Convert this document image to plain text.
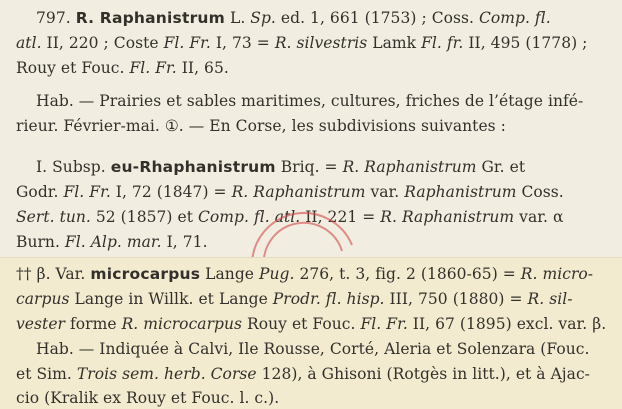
797. R. Raphanistrum L. Sp. ed. 1, 661 (1753) ; Coss. Comp. fl.
atl. II, 220 ; Coste Fl. Fr. I, 73 = R. silvestris Lamk Fl. fr. II, 495 (1778) ;
Rouy et Fouc. Fl. Fr. II, 65.
Hab. — Prairies et sables maritimes, cultures, friches de l’étage infé-
rieur. Février-mai. ①. — En Corse, les subdivisions suivantes :
I. Subsp. eu-Rhaphanistrum Briq. = R. Raphanistrum Gr. et
Godr. Fl. Fr. I, 72 (1847) = R. Raphanistrum var. Raphanistrum Coss.
Sert. tun. 52 (1857) et Comp. fl. atl. II, 221 = R. Raphanistrum var. α
Burn. Fl. Alp. mar. I, 71.
†† β. Var. microcarpus Lange Pug. 276, t. 3, fig. 2 (1860-65) = R. micro-
carpus Lange in Willk. et Lange Prodr. fl. hisp. III, 750 (1880) = R. sil-
vester forme R. microcarpus Rouy et Fouc. Fl. Fr. II, 67 (1895) excl. var. β.
Hab. — Indiquée à Calvi, Ile Rousse, Corté, Aleria et Solenzara (Fouc.
et Sim. Trois sem. herb. Corse 128), à Ghisoni (Rotgès in litt.), et à Ajac-
cio (Kralik ex Rouy et Fouc. l. c.).
